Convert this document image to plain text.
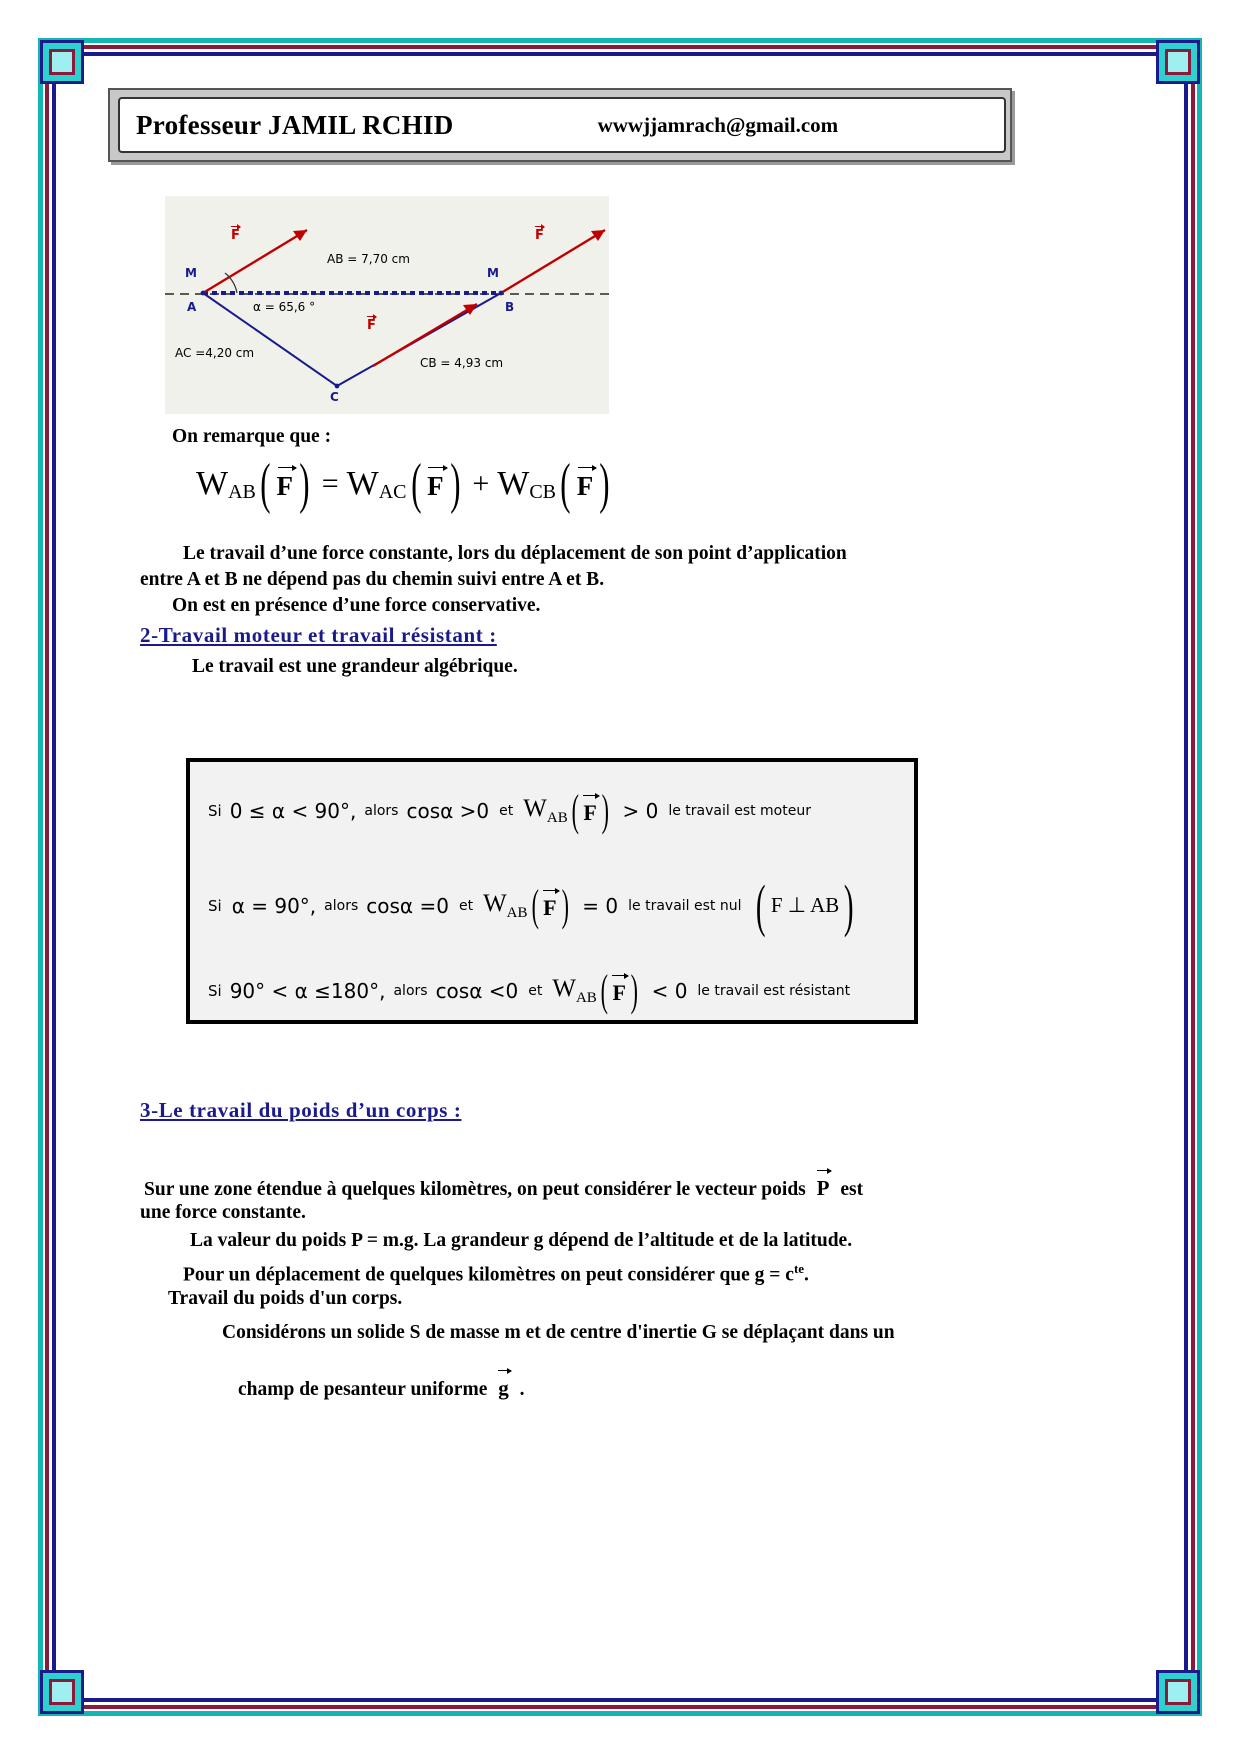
Professeur JAMIL RCHID	wwwjjamrach@gmail.com
M	M
A	B
C
AB = 7,70 cm
AC =4,20 cm
CB = 4,93 cm
α = 65,6 °
F	F
F
On remarque que :
W AB ( F ) = W AC ( F ) + W CB ( F )
Le travail d’une force constante, lors du déplacement de son point d’application
entre A et B ne dépend pas du chemin suivi entre A et B.
On est en présence d’une force conservative.
2-Travail moteur et travail résistant :
Le travail est une grandeur algébrique.
Si 0 ≤ α < 90°, alors cosα >0 et $W_{AB}$ ( F ) > 0 le travail est moteur
Si α = 90°, alors cosα =0 et $W_{AB}$ ( F ) = 0 le travail est nul ( F ⊥ AB )
Si 90° < α ≤180°, alors cosα <0 et $W_{AB}$ ( F ) < 0 le travail est résistant
3-Le travail du poids d’un corps :
Sur une zone étendue à quelques kilomètres, on peut considérer le vecteur poids P est
une force constante.
La valeur du poids P = m.g. La grandeur g dépend de l’altitude et de la latitude.
Pour un déplacement de quelques kilomètres on peut considérer que $g = c^{te}$.
Travail du poids d'un corps.
Considérons un solide S de masse m et de centre d'inertie G se déplaçant dans un
champ de pesanteur uniforme g .
